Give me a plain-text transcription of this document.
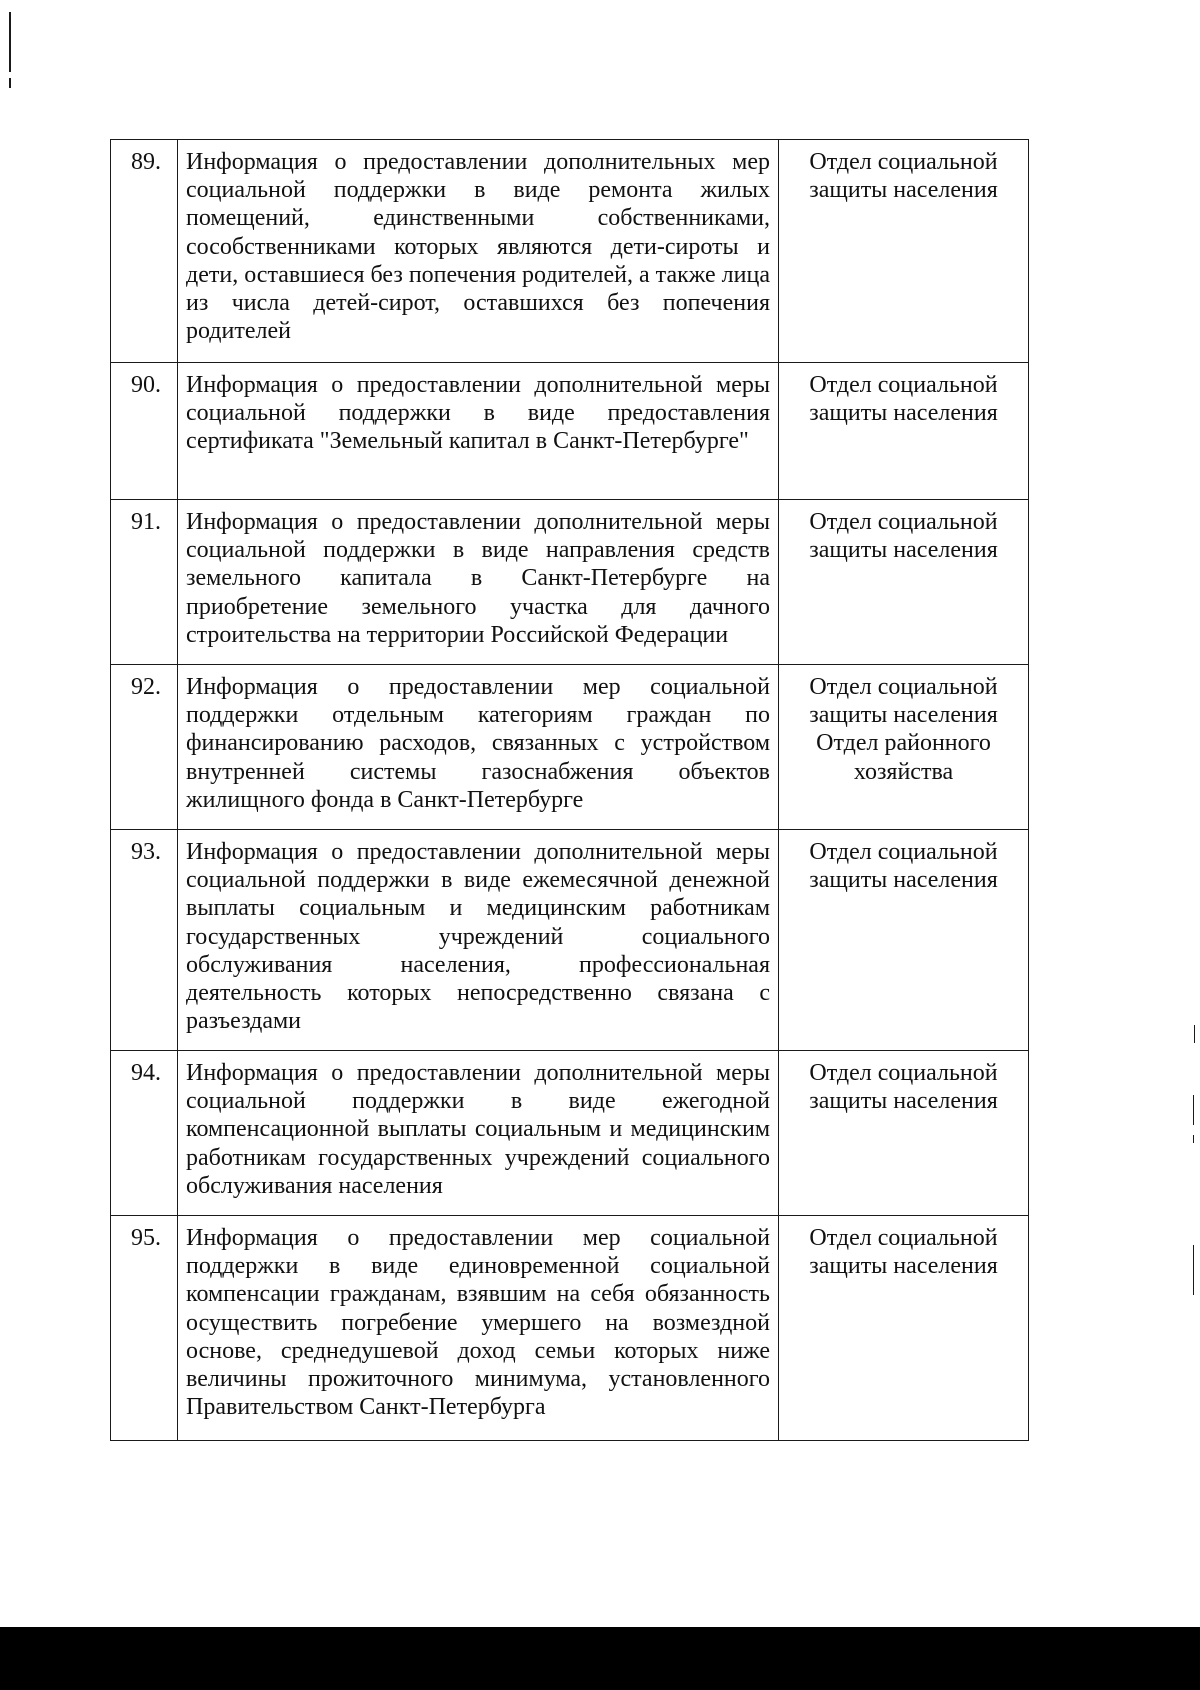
89.	Информация о предоставлении дополнительных мер социальной поддержки в виде ремонта жилых помещений, единственными собственниками, сособственниками которых являются дети-сироты и дети, оставшиеся без попечения родителей, а также лица из числа детей-сирот, оставшихся без попечения родителей	Отдел социальной защиты населения

90.	Информация о предоставлении дополнительной меры социальной поддержки в виде предоставления сертификата "Земельный капитал в Санкт-Петербурге"	Отдел социальной защиты населения

91.	Информация о предоставлении дополнительной меры социальной поддержки в виде направления средств земельного капитала в Санкт-Петербурге на приобретение земельного участка для дачного строительства на территории Российской Федерации	Отдел социальной защиты населения

92.	Информация о предоставлении мер социальной поддержки отдельным категориям граждан по финансированию расходов, связанных с устройством внутренней системы газоснабжения объектов жилищного фонда в Санкт-Петербурге	Отдел социальной защиты населения
Отдел районного хозяйства

93.	Информация о предоставлении дополнительной меры социальной поддержки в виде ежемесячной денежной выплаты социальным и медицинским работникам государственных учреждений социального обслуживания населения, профессиональная деятельность которых непосредственно связана с разъездами	Отдел социальной защиты населения

94.	Информация о предоставлении дополнительной меры социальной поддержки в виде ежегодной компенсационной выплаты социальным и медицинским работникам государственных учреждений социального обслуживания населения	Отдел социальной защиты населения

95.	Информация о предоставлении мер социальной поддержки в виде единовременной социальной компенсации гражданам, взявшим на себя обязанность осуществить погребение умершего на возмездной основе, среднедушевой доход семьи которых ниже величины прожиточного минимума, установленного Правительством Санкт-Петербурга	Отдел социальной защиты населения
